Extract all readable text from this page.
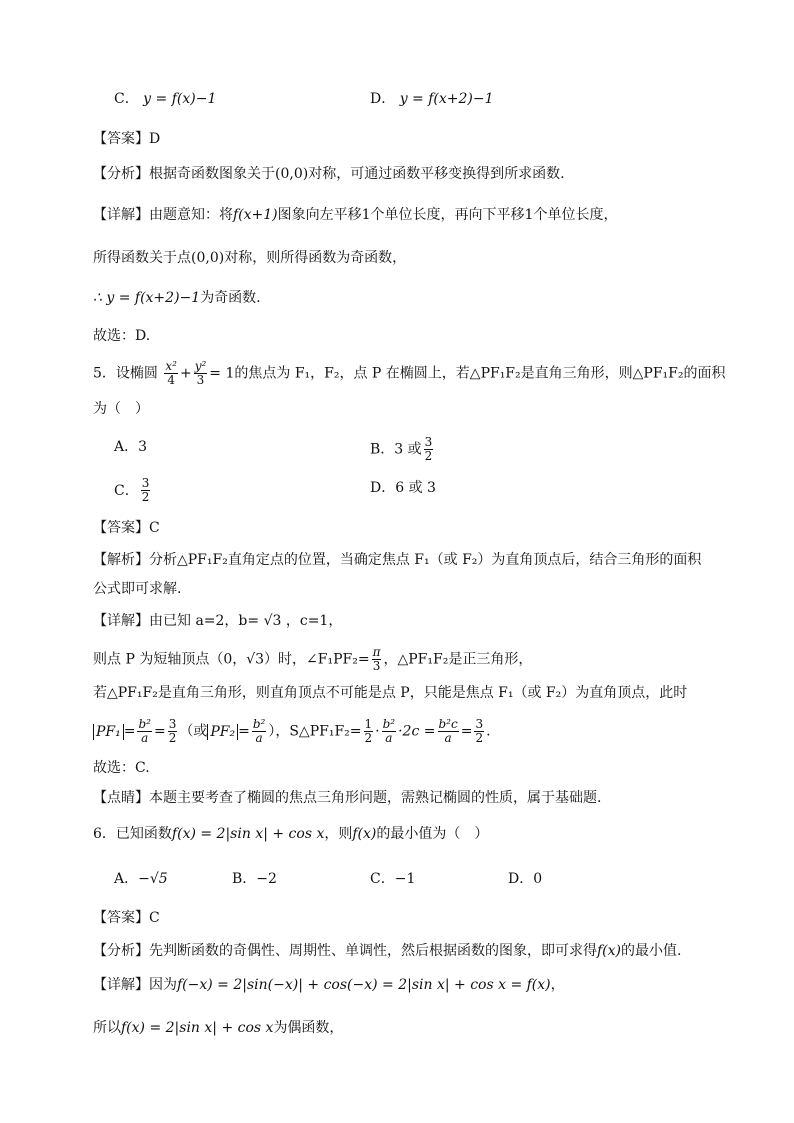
C． y = f(x)−1	D． y = f(x+2)−1
【答案】D
【分析】根据奇函数图象关于(0,0)对称，可通过函数平移变换得到所求函数.
【详解】由题意知：将f(x+1)图象向左平移1个单位长度，再向下平移1个单位长度，
所得函数关于点(0,0)对称，则所得函数为奇函数，
∴ y = f(x+2)−1为奇函数.
故选：D.
5．设椭圆 $\frac{\text{x²}}{4} + \frac{\text{y²}}{3} = 1$的焦点为 F₁，F₂，点 P 在椭圆上，若△PF₁F₂是直角三角形，则△PF₁F₂的面积
为（　）
A．3	B．3 或 $\frac{3}{2}$
C． $\frac{3}{2}$	D．6 或 3
【答案】C
【解析】分析△PF₁F₂直角定点的位置，当确定焦点 F₁（或 F₂）为直角顶点后，结合三角形的面积
公式即可求解.
【详解】由已知 a=2，b= √3 ，c=1，
则点 P 为短轴顶点（0，√3）时，∠F₁PF₂= $\frac{\pi}{3}$ ，△PF₁F₂是正三角形，
若△PF₁F₂是直角三角形，则直角顶点不可能是点 P，只能是焦点 F₁（或 F₂）为直角顶点，此时
$PF_1 = \frac{\text{b²}}{a} = \frac{3}{2}$ （或 $PF_2 = \frac{\text{b²}}{a}$ ），S△PF₁F₂= $\frac{1}{2} \cdot \frac{\text{b²}}{a} \cdot 2c = \frac{\text{b²c}}{a} = \frac{3}{2}$ .
故选：C.
【点睛】本题主要考查了椭圆的焦点三角形问题，需熟记椭圆的性质，属于基础题.
6．已知函数f(x) = 2|sin x| + cos x，则f(x)的最小值为（　）
A．−√5	B．−2	C．−1	D．0
【答案】C
【分析】先判断函数的奇偶性、周期性、单调性，然后根据函数的图象，即可求得f(x)的最小值.
【详解】因为f(−x) = 2|sin(−x)| + cos(−x) = 2|sin x| + cos x = f(x)，
所以f(x) = 2|sin x| + cos x为偶函数，
